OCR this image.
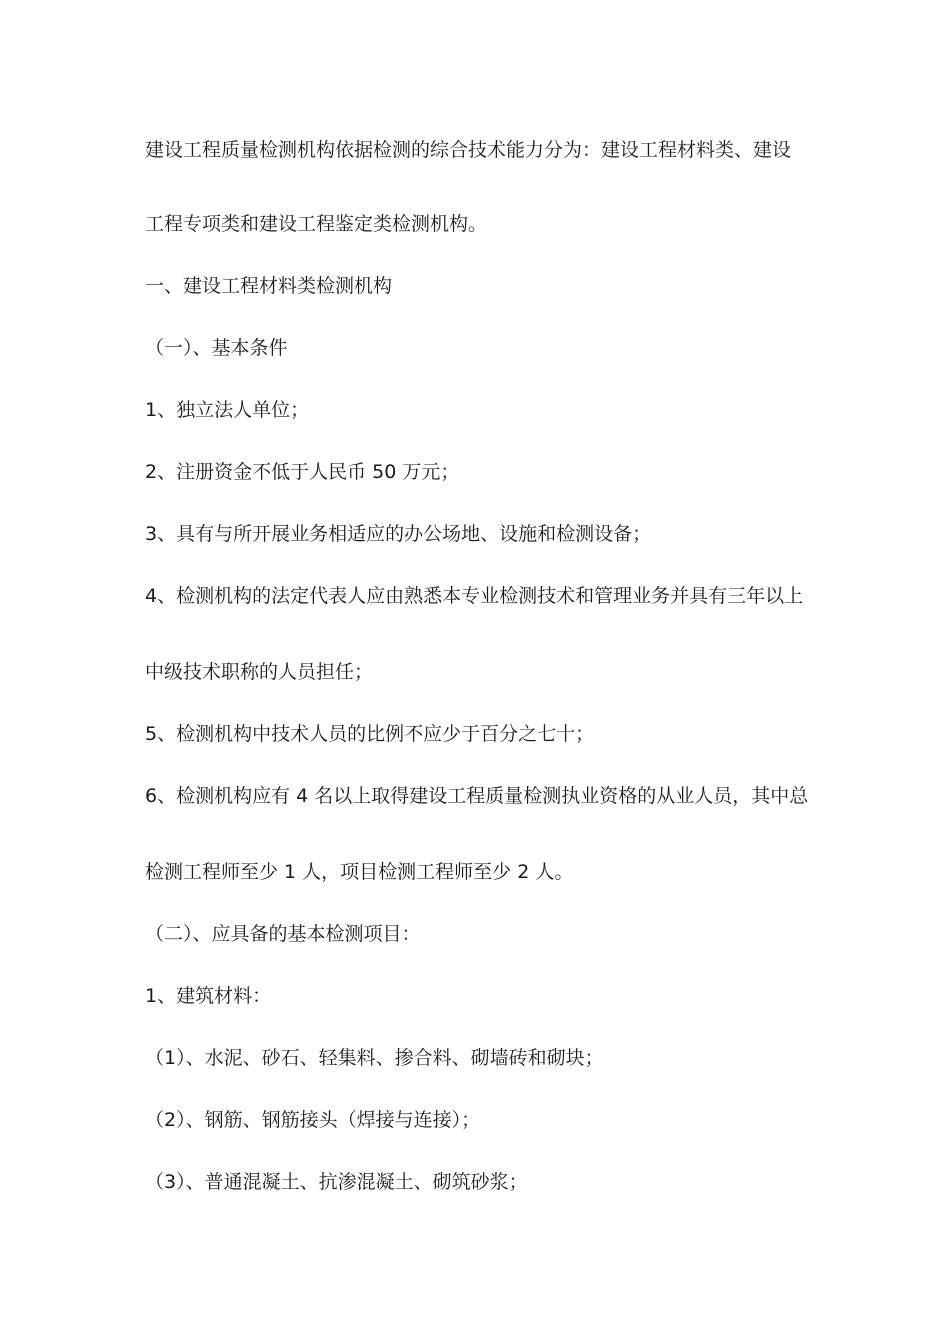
建设工程质量检测机构依据检测的综合技术能力分为：建设工程材料类、建设
工程专项类和建设工程鉴定类检测机构。
一、建设工程材料类检测机构
（一）、基本条件
1、独立法人单位；
2、注册资金不低于人民币 50 万元；
3、具有与所开展业务相适应的办公场地、设施和检测设备；
4、检测机构的法定代表人应由熟悉本专业检测技术和管理业务并具有三年以上
中级技术职称的人员担任；
5、检测机构中技术人员的比例不应少于百分之七十；
6、检测机构应有 4 名以上取得建设工程质量检测执业资格的从业人员，其中总
检测工程师至少 1 人，项目检测工程师至少 2 人。
（二）、应具备的基本检测项目：
1、建筑材料：
（1）、水泥、砂石、轻集料、掺合料、砌墙砖和砌块；
（2）、钢筋、钢筋接头（焊接与连接）；
（3）、普通混凝土、抗渗混凝土、砌筑砂浆；
